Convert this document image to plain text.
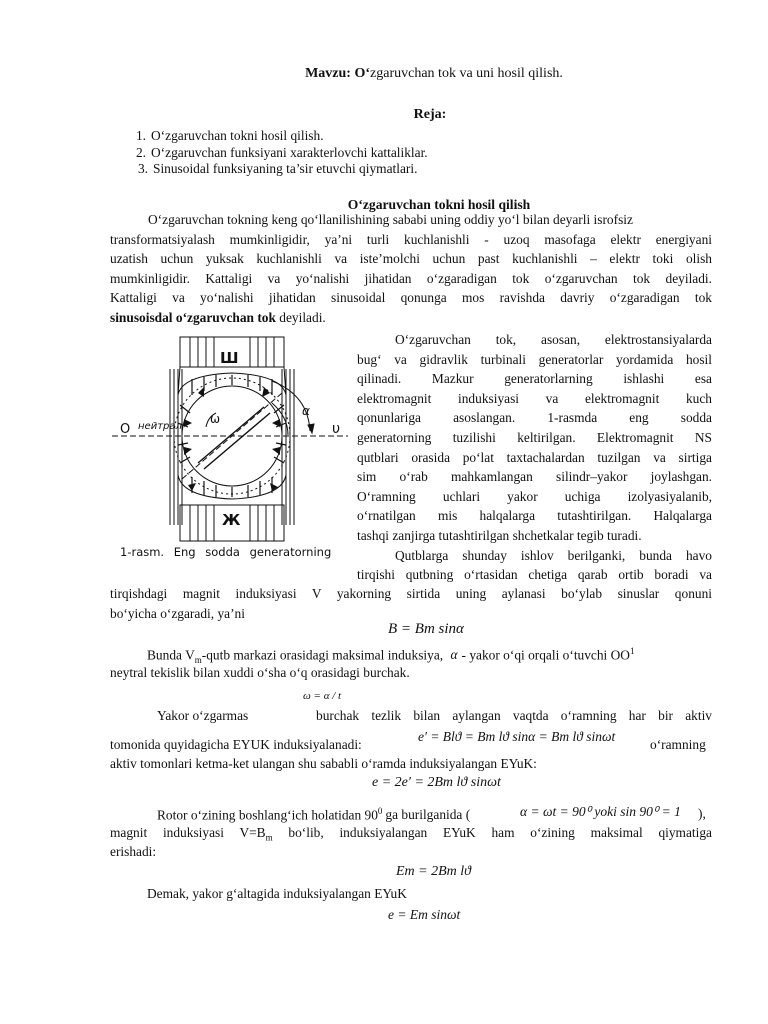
Mavzu: O‘zgaruvchan tok va uni hosil qilish.
Reja:
1. O‘zgaruvchan tokni hosil qilish.
2. O‘zgaruvchan funksiyani xarakterlovchi kattaliklar.
3. Sinusoidal funksiyaning ta’sir etuvchi qiymatlari.
O‘zgaruvchan tokni hosil qilish
O‘zgaruvchan tokning keng qo‘llanilishining sababi uning oddiy yo‘l bilan deyarli isrofsiz
transformatsiyalash mumkinligidir, ya’ni turli kuchlanishli - uzoq masofaga elektr energiyani
uzatish uchun yuksak kuchlanishli va iste’molchi uchun past kuchlanishli – elektr toki olish
mumkinligidir. Kattaligi va yo‘nalishi jihatidan o‘zgaradigan tok o‘zgaruvchan tok deyiladi.
Kattaligi va yo‘nalishi jihatidan sinusoidal qonunga mos ravishda davriy o‘zgaradigan tok
sinusoisdal o‘zgaruvchan tok deyiladi.
Ш
Ж
O нейтрал	υ
ω
α
1-rasm. Eng sodda generatorning
O‘zgaruvchan tok, asosan, elektrostansiyalarda
bug‘ va gidravlik turbinali generatorlar yordamida hosil
qilinadi. Mazkur generatorlarning ishlashi esa
elektromagnit induksiyasi va elektromagnit kuch
qonunlariga asoslangan. 1-rasmda eng sodda
generatorning tuzilishi keltirilgan. Elektromagnit NS
qutblari orasida po‘lat taxtachalardan tuzilgan va sirtiga
sim o‘rab mahkamlangan silindr–yakor joylashgan.
O‘ramning uchlari yakor uchiga izolyasiyalanib,
o‘rnatilgan mis halqalarga tutashtirilgan. Halqalarga
tashqi zanjirga tutashtirilgan shchetkalar tegib turadi.
Qutblarga shunday ishlov berilganki, bunda havo
tirqishi qutbning o‘rtasidan chetiga qarab ortib boradi va
tirqishdagi magnit induksiyasi V yakorning sirtida uning aylanasi bo‘ylab sinuslar qonuni
bo‘yicha o‘zgaradi, ya’ni
B = Bm sinα
Bunda $V_m$-qutb markazi orasidagi maksimal induksiya, α - yakor o‘qi orqali o‘tuvchi $OO^1$
neytral tekislik bilan xuddi o‘sha o‘q orasidagi burchak.
ω = α / t
Yakor o‘zgarmas	burchak tezlik bilan aylangan vaqtda o‘ramning har bir aktiv
tomonida quyidagicha EYUK induksiyalanadi:
e′ = Blϑ = Bm lϑ sinα = Bm lϑ sinωt
o‘ramning
aktiv tomonlari ketma-ket ulangan shu sababli o‘ramda induksiyalangan EYuK:
e = 2e′ = 2Bm lϑ sinωt
Rotor o‘zining boshlang‘ich holatidan $90^0$ ga burilganida (	α = ωt = 90⁰ yoki sin 90⁰ = 1 ),
magnit induksiyasi $V=B_m$ bo‘lib, induksiyalangan EYuK ham o‘zining maksimal qiymatiga
erishadi:
Em = 2Bm lϑ
Demak, yakor g‘altagida induksiyalangan EYuK
e = Em sinωt
